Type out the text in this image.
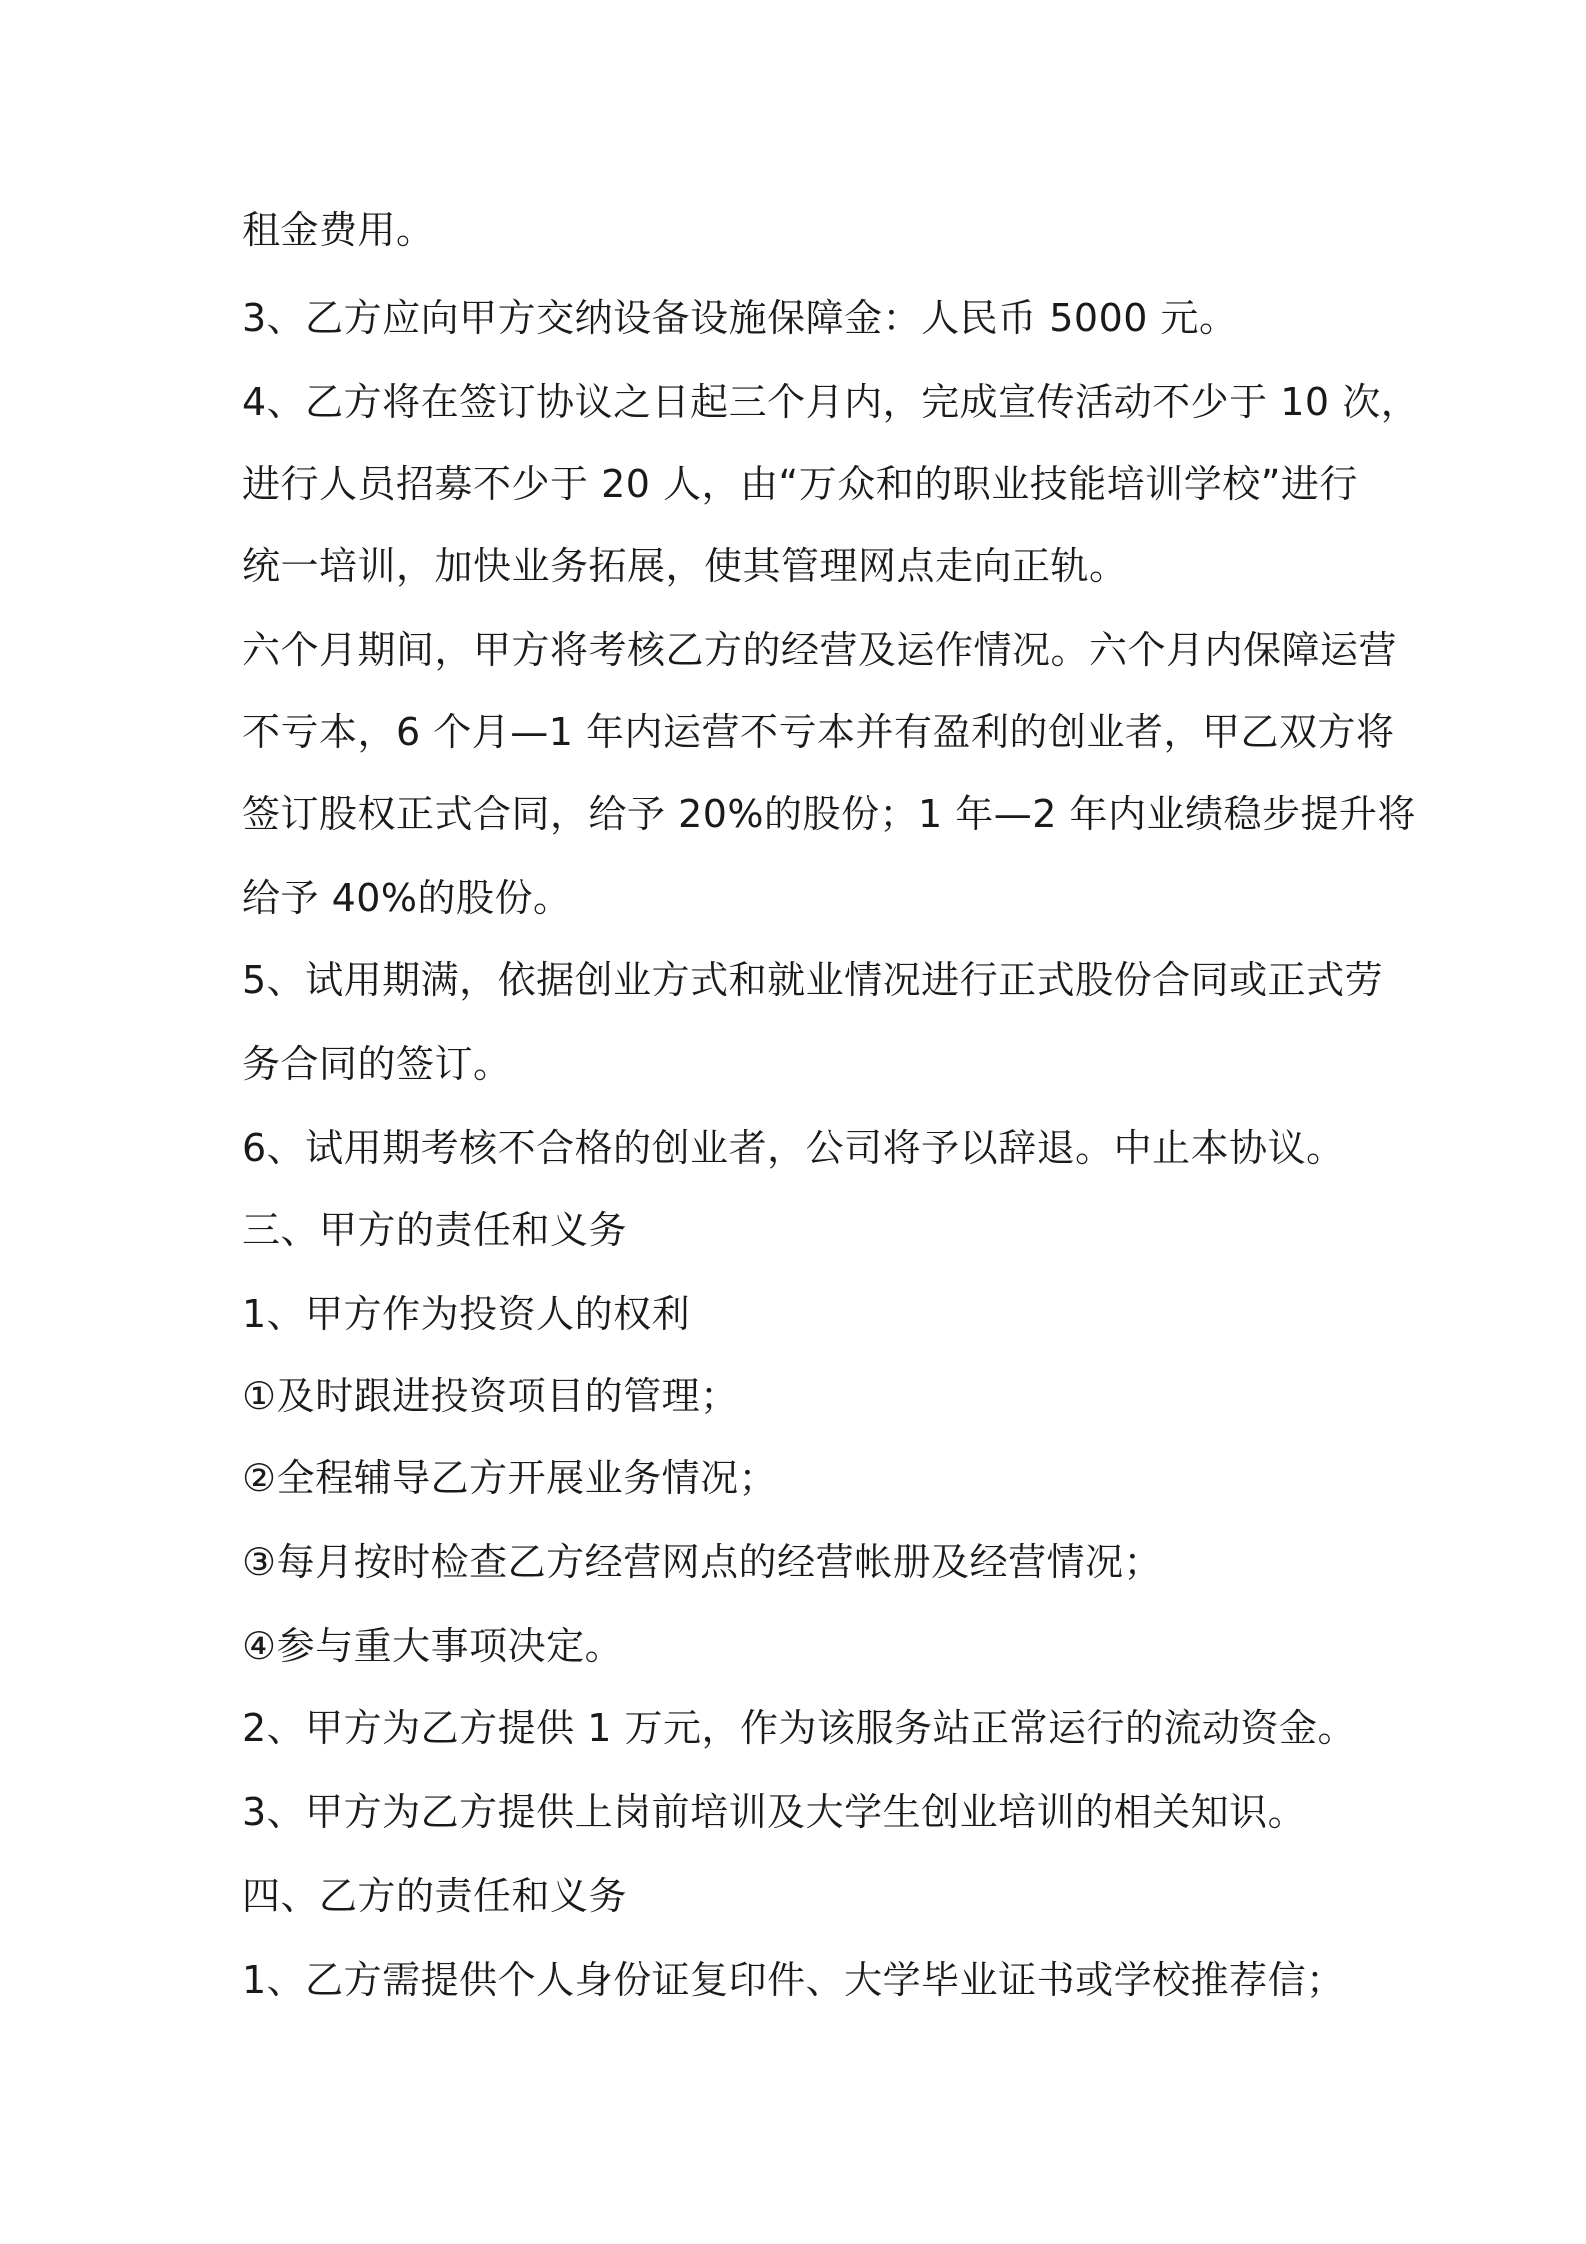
租金费用。
3、乙方应向甲方交纳设备设施保障金：人民币 5000 元。
4、乙方将在签订协议之日起三个月内，完成宣传活动不少于 10 次，
进行人员招募不少于 20 人，由“万众和的职业技能培训学校”进行
统一培训，加快业务拓展，使其管理网点走向正轨。
六个月期间，甲方将考核乙方的经营及运作情况。六个月内保障运营
不亏本，6 个月—1 年内运营不亏本并有盈利的创业者，甲乙双方将
签订股权正式合同，给予 20%的股份；1 年—2 年内业绩稳步提升将
给予 40%的股份。
5、试用期满，依据创业方式和就业情况进行正式股份合同或正式劳
务合同的签订。
6、试用期考核不合格的创业者，公司将予以辞退。中止本协议。
三、甲方的责任和义务
1、甲方作为投资人的权利
①及时跟进投资项目的管理；
②全程辅导乙方开展业务情况；
③每月按时检查乙方经营网点的经营帐册及经营情况；
④参与重大事项决定。
2、甲方为乙方提供 1 万元，作为该服务站正常运行的流动资金。
3、甲方为乙方提供上岗前培训及大学生创业培训的相关知识。
四、乙方的责任和义务
1、乙方需提供个人身份证复印件、大学毕业证书或学校推荐信；
